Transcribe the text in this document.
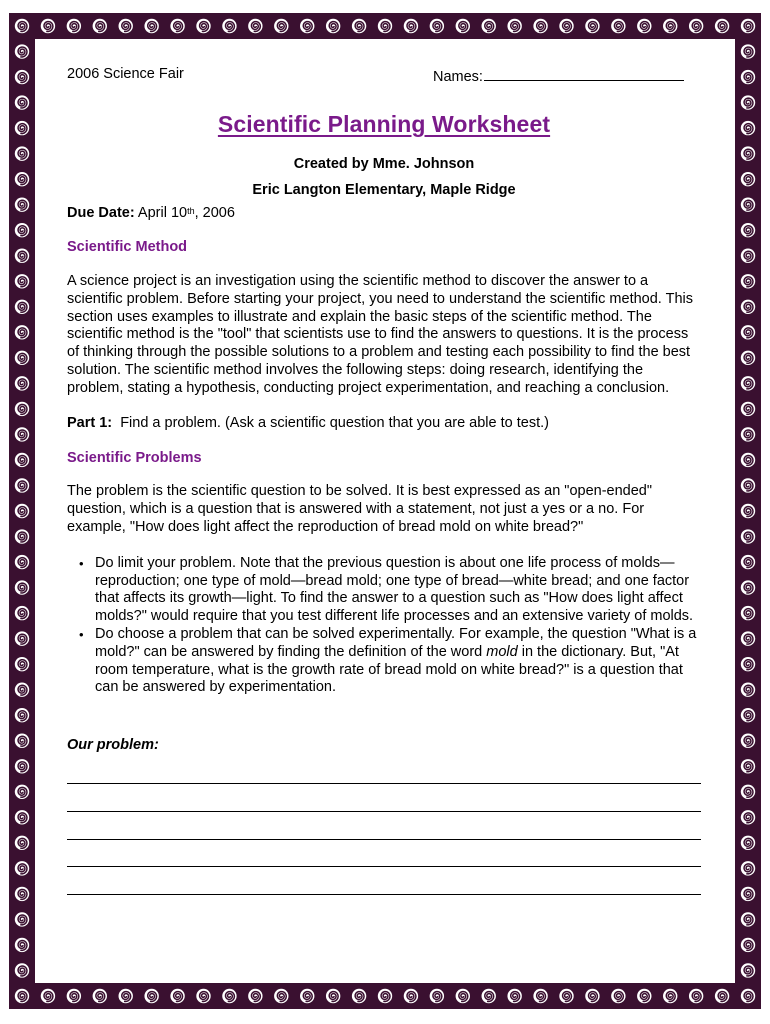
2006 Science Fair	Names:
Scientific Planning Worksheet
Created by Mme. Johnson
Eric Langton Elementary, Maple Ridge
Due Date: April 10th, 2006
Scientific Method

A science project is an investigation using the scientific method to discover the answer to a scientific problem. Before starting your project, you need to understand the scientific method. This section uses examples to illustrate and explain the basic steps of the scientific method. The scientific method is the "tool" that scientists use to find the answers to questions. It is the process of thinking through the possible solutions to a problem and testing each possibility to find the best solution. The scientific method involves the following steps: doing research, identifying the problem, stating a hypothesis, conducting project experimentation, and reaching a conclusion.

Part 1:  Find a problem. (Ask a scientific question that you are able to test.)

Scientific Problems

The problem is the scientific question to be solved. It is best expressed as an "open-ended" question, which is a question that is answered with a statement, not just a yes or a no. For example, "How does light affect the reproduction of bread mold on white bread?"

• Do limit your problem. Note that the previous question is about one life process of molds—reproduction; one type of mold—bread mold; one type of bread—white bread; and one factor that affects its growth—light. To find the answer to a question such as "How does light affect molds?" would require that you test different life processes and an extensive variety of molds.
• Do choose a problem that can be solved experimentally. For example, the question "What is a mold?" can be answered by finding the definition of the word mold in the dictionary. But, "At room temperature, what is the growth rate of bread mold on white bread?" is a question that can be answered by experimentation.
Our problem:
